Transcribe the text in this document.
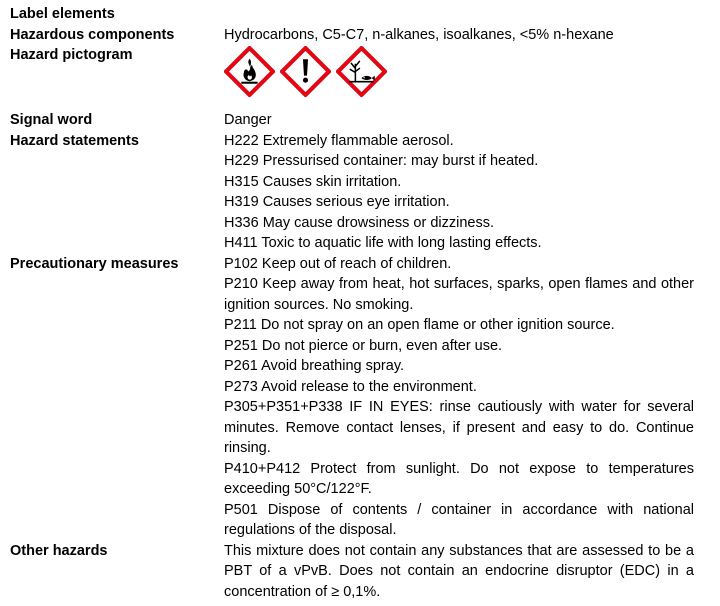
Label elements
Hazardous components	Hydrocarbons, C5-C7, n-alkanes, isoalkanes, <5% n-hexane
Hazard pictogram
Signal word	Danger
Hazard statements	H222 Extremely flammable aerosol.
H229 Pressurised container: may burst if heated.
H315 Causes skin irritation.
H319 Causes serious eye irritation.
H336 May cause drowsiness or dizziness.
H411 Toxic to aquatic life with long lasting effects.
Precautionary measures	P102 Keep out of reach of children.
P210 Keep away from heat, hot surfaces, sparks, open flames and other ignition sources. No smoking.
P211 Do not spray on an open flame or other ignition source.
P251 Do not pierce or burn, even after use.
P261 Avoid breathing spray.
P273 Avoid release to the environment.
P305+P351+P338 IF IN EYES: rinse cautiously with water for several minutes. Remove contact lenses, if present and easy to do. Continue rinsing.
P410+P412 Protect from sunlight. Do not expose to temperatures exceeding 50°C/122°F.
P501 Dispose of contents / container in accordance with national regulations of the disposal.
Other hazards	This mixture does not contain any substances that are assessed to be a PBT of a vPvB. Does not contain an endocrine disruptor (EDC) in a concentration of ≥ 0,1%.
